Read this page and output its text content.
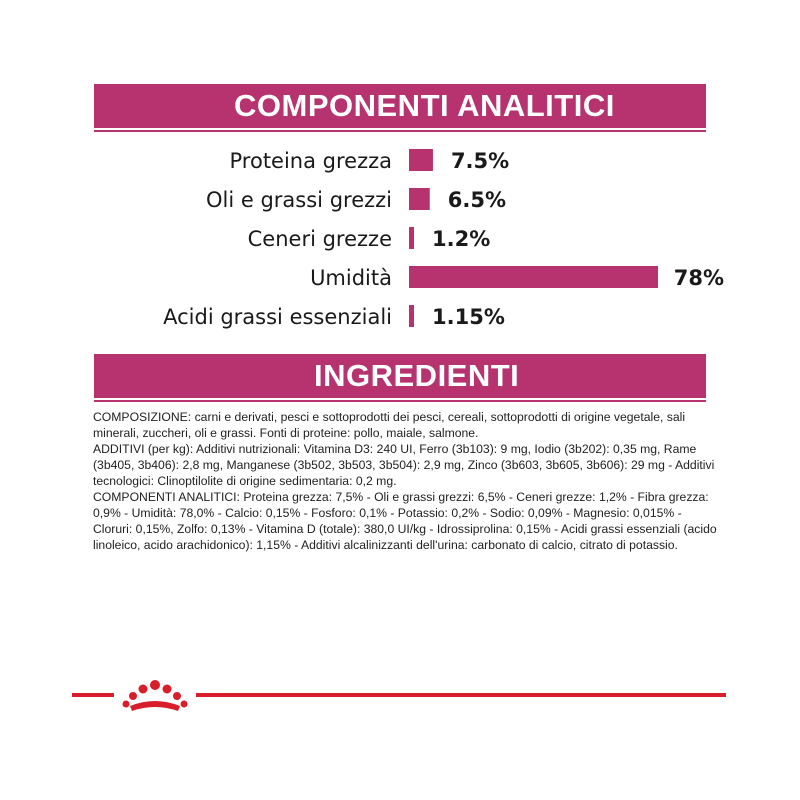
COMPONENTI ANALITICI
Proteina grezza	7.5%
Oli e grassi grezzi	6.5%
Ceneri grezze 1.2%
Umidità	78%
Acidi grassi essenziali 1.15%
INGREDIENTI

COMPOSIZIONE: carni e derivati, pesci e sottoprodotti dei pesci, cereali, sottoprodotti di origine vegetale, sali minerali, zuccheri, oli e grassi. Fonti di proteine: pollo, maiale, salmone.

ADDITIVI (per kg): Additivi nutrizionali: Vitamina D3: 240 UI, Ferro (3b103): 9 mg, Iodio (3b202): 0,35 mg, Rame (3b405, 3b406): 2,8 mg, Manganese (3b502, 3b503, 3b504): 2,9 mg, Zinco (3b603, 3b605, 3b606): 29 mg - Additivi tecnologici: Clinoptilolite di origine sedimentaria: 0,2 mg.

COMPONENTI ANALITICI: Proteina grezza: 7,5% - Oli e grassi grezzi: 6,5% - Ceneri grezze: 1,2% - Fibra grezza: 0,9% - Umidità: 78,0% - Calcio: 0,15% - Fosforo: 0,1% - Potassio: 0,2% - Sodio: 0,09% - Magnesio: 0,015% - Cloruri: 0,15%, Zolfo: 0,13% - Vitamina D (totale): 380,0 UI/kg - Idrossiprolina: 0,15% - Acidi grassi essenziali (acido linoleico, acido arachidonico): 1,15% - Additivi alcalinizzanti dell'urina: carbonato di calcio, citrato di potassio.
